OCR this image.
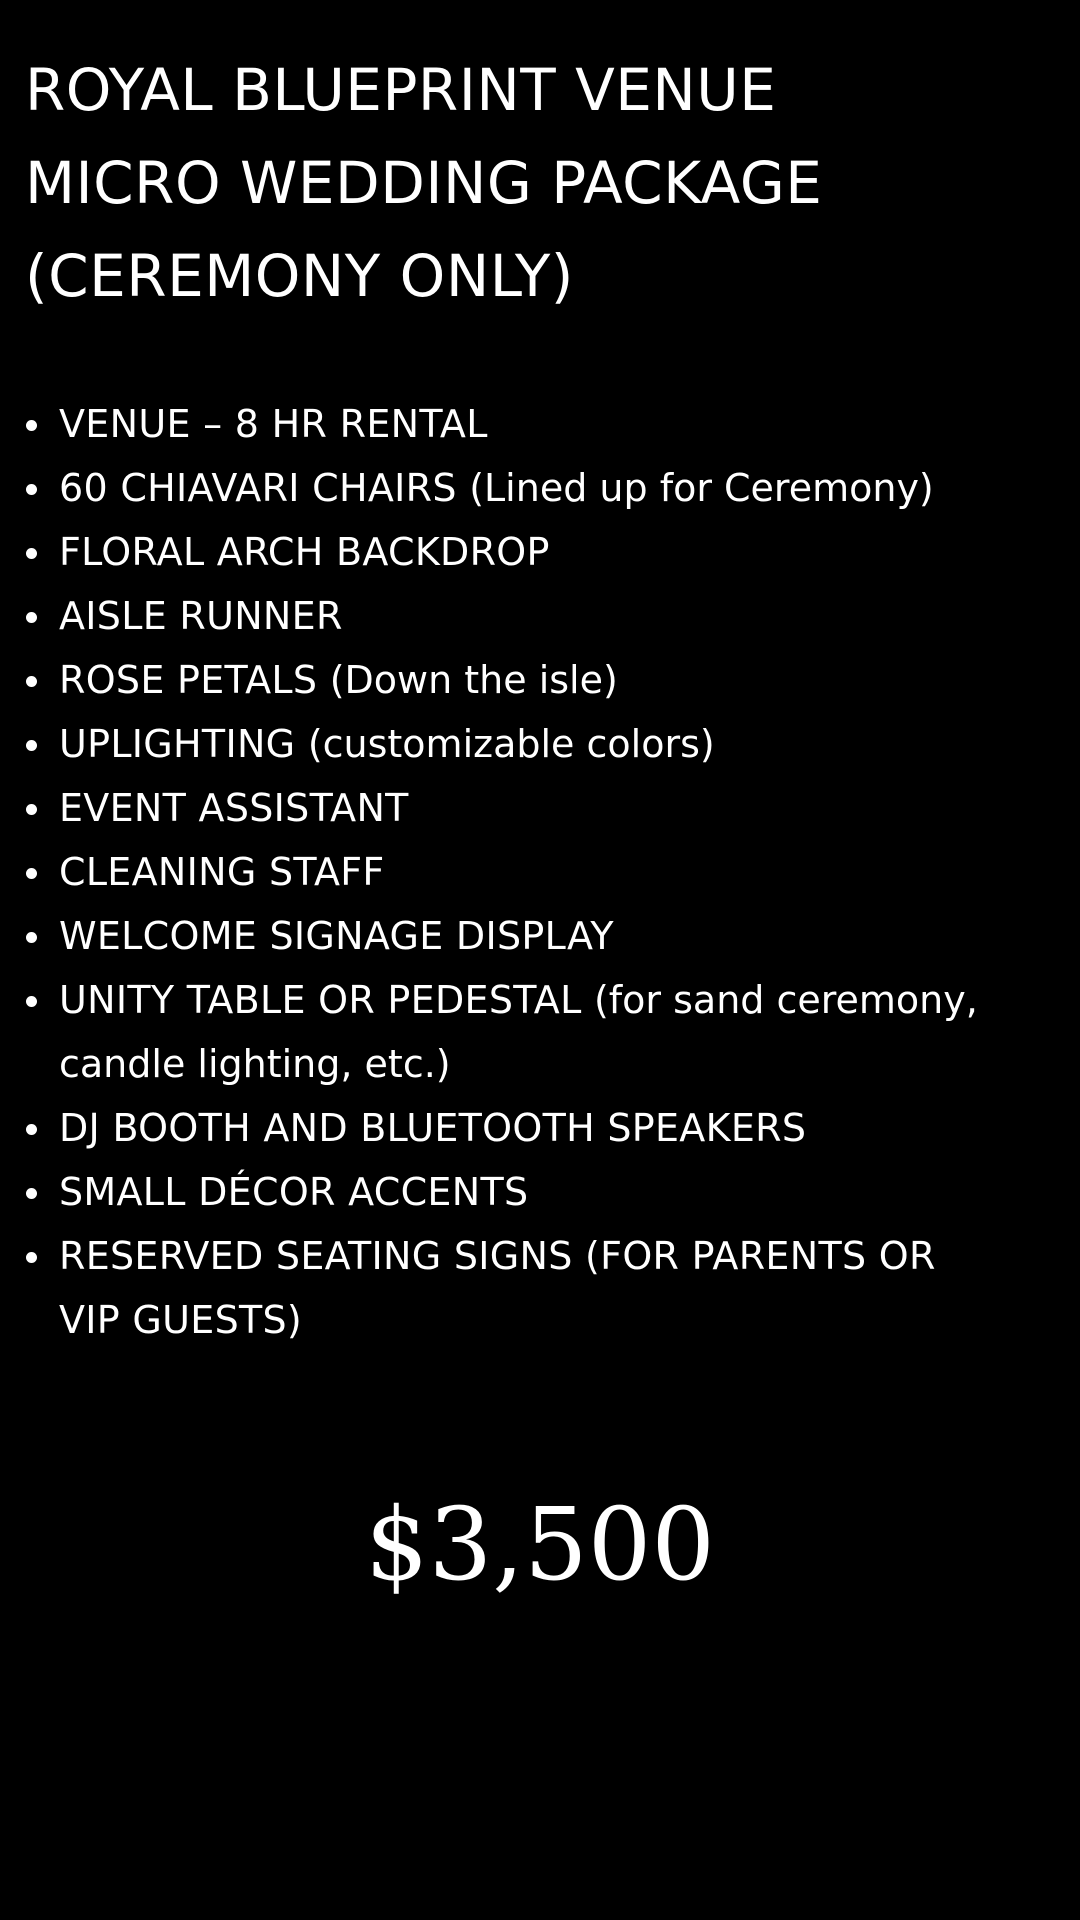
ROYAL BLUEPRINT VENUE
MICRO WEDDING PACKAGE
(CEREMONY ONLY)
VENUE – 8 HR RENTAL
60 CHIAVARI CHAIRS (Lined up for Ceremony)
FLORAL ARCH BACKDROP
AISLE RUNNER
ROSE PETALS (Down the isle)
UPLIGHTING (customizable colors)
EVENT ASSISTANT
CLEANING STAFF
WELCOME SIGNAGE DISPLAY
UNITY TABLE OR PEDESTAL (for sand ceremony,
candle lighting, etc.)
DJ BOOTH AND BLUETOOTH SPEAKERS
SMALL DÉCOR ACCENTS
RESERVED SEATING SIGNS (FOR PARENTS OR
VIP GUESTS)
$3,500
